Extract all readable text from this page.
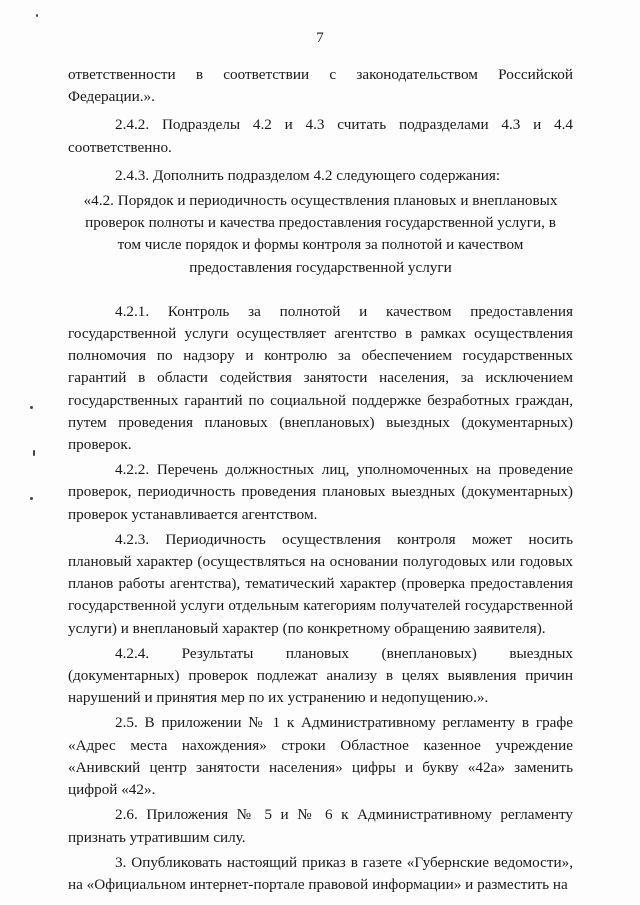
7

ответственности в соответствии с законодательством Российской Федерации.».

2.4.2. Подразделы 4.2 и 4.3 считать подразделами 4.3 и 4.4 соответственно.

2.4.3. Дополнить подразделом 4.2 следующего содержания:

«4.2. Порядок и периодичность осуществления плановых и внеплановых проверок полноты и качества предоставления государственной услуги, в том числе порядок и формы контроля за полнотой и качеством предоставления государственной услуги

4.2.1. Контроль за полнотой и качеством предоставления государственной услуги осуществляет агентство в рамках осуществления полномочия по надзору и контролю за обеспечением государственных гарантий в области содействия занятости населения, за исключением государственных гарантий по социальной поддержке безработных граждан, путем проведения плановых (внеплановых) выездных (документарных) проверок.

4.2.2. Перечень должностных лиц, уполномоченных на проведение проверок, периодичность проведения плановых выездных (документарных) проверок устанавливается агентством.

4.2.3. Периодичность осуществления контроля может носить плановый характер (осуществляться на основании полугодовых или годовых планов работы агентства), тематический характер (проверка предоставления государственной услуги отдельным категориям получателей государственной услуги) и внеплановый характер (по конкретному обращению заявителя).

4.2.4. Результаты плановых (внеплановых) выездных (документарных) проверок подлежат анализу в целях выявления причин нарушений и принятия мер по их устранению и недопущению.».

2.5. В приложении № 1 к Административному регламенту в графе «Адрес места нахождения» строки Областное казенное учреждение «Анивский центр занятости населения» цифры и букву «42а» заменить цифрой «42».

2.6. Приложения № 5 и № 6 к Административному регламенту признать утратившим силу.

3. Опубликовать настоящий приказ в газете «Губернские ведомости», на «Официальном интернет-портале правовой информации» и разместить на
